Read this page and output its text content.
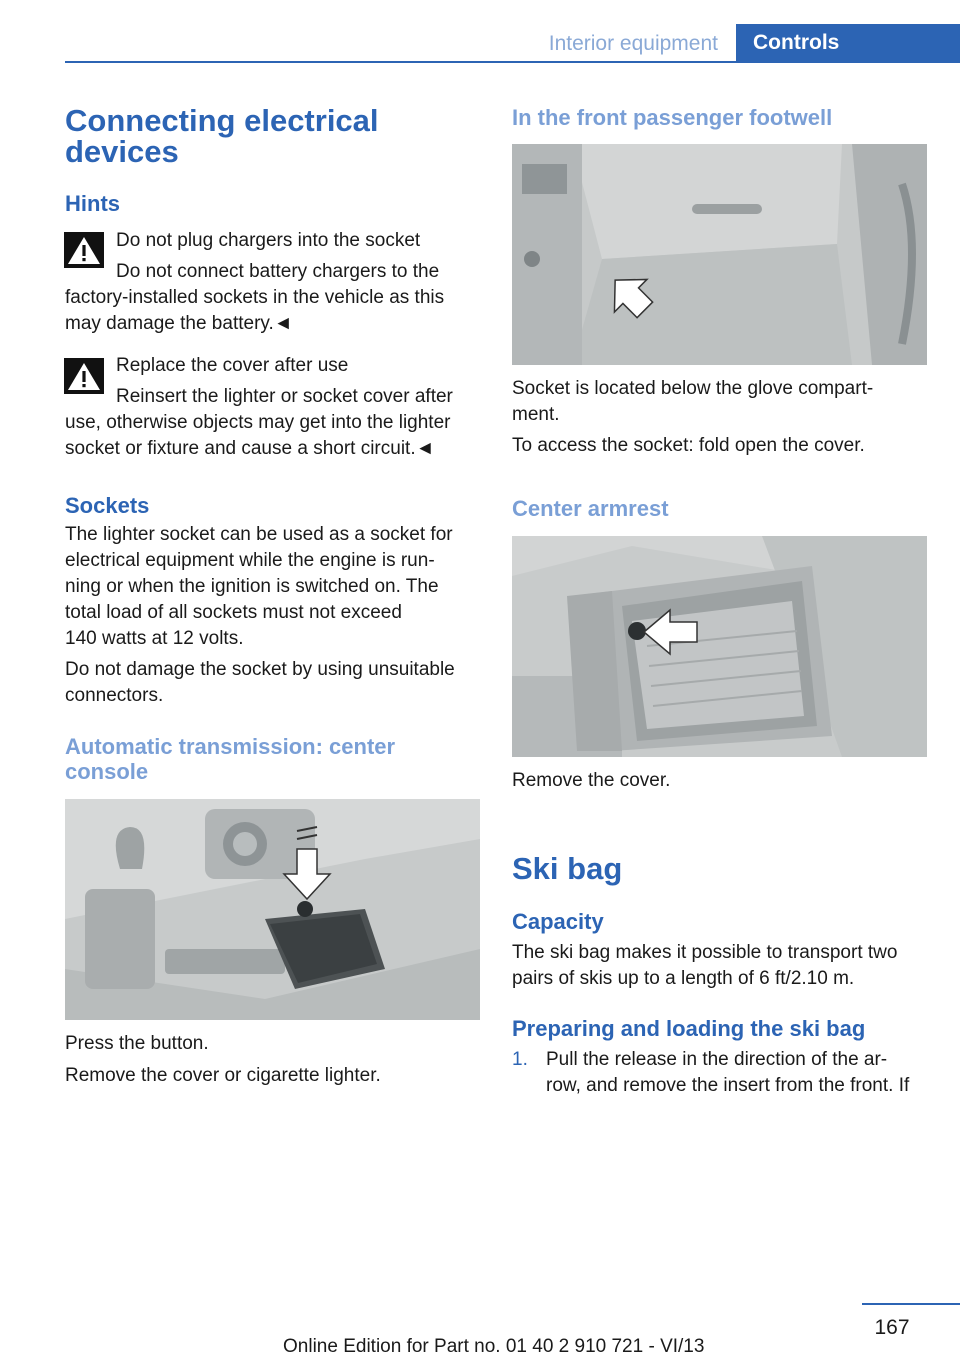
Interior equipment	Controls
Connecting electrical
devices
Hints
Do not plug chargers into the socket
Do not connect battery chargers to the
factory-installed sockets in the vehicle as this
may damage the battery.◄
Replace the cover after use
Reinsert the lighter or socket cover after
use, otherwise objects may get into the lighter
socket or fixture and cause a short circuit.◄
Sockets
The lighter socket can be used as a socket for
electrical equipment while the engine is run‐
ning or when the ignition is switched on. The
total load of all sockets must not exceed
140 watts at 12 volts.
Do not damage the socket by using unsuitable
connectors.
Automatic transmission: center
console
Press the button.
Remove the cover or cigarette lighter.
In the front passenger footwell
Socket is located below the glove compart‐
ment.
To access the socket: fold open the cover.
Center armrest
Remove the cover.
Ski bag
Capacity
The ski bag makes it possible to transport two
pairs of skis up to a length of 6 ft/2.10 m.
Preparing and loading the ski bag
1. Pull the release in the direction of the ar‐
row, and remove the insert from the front. If
167
Online Edition for Part no. 01 40 2 910 721 - VI/13
